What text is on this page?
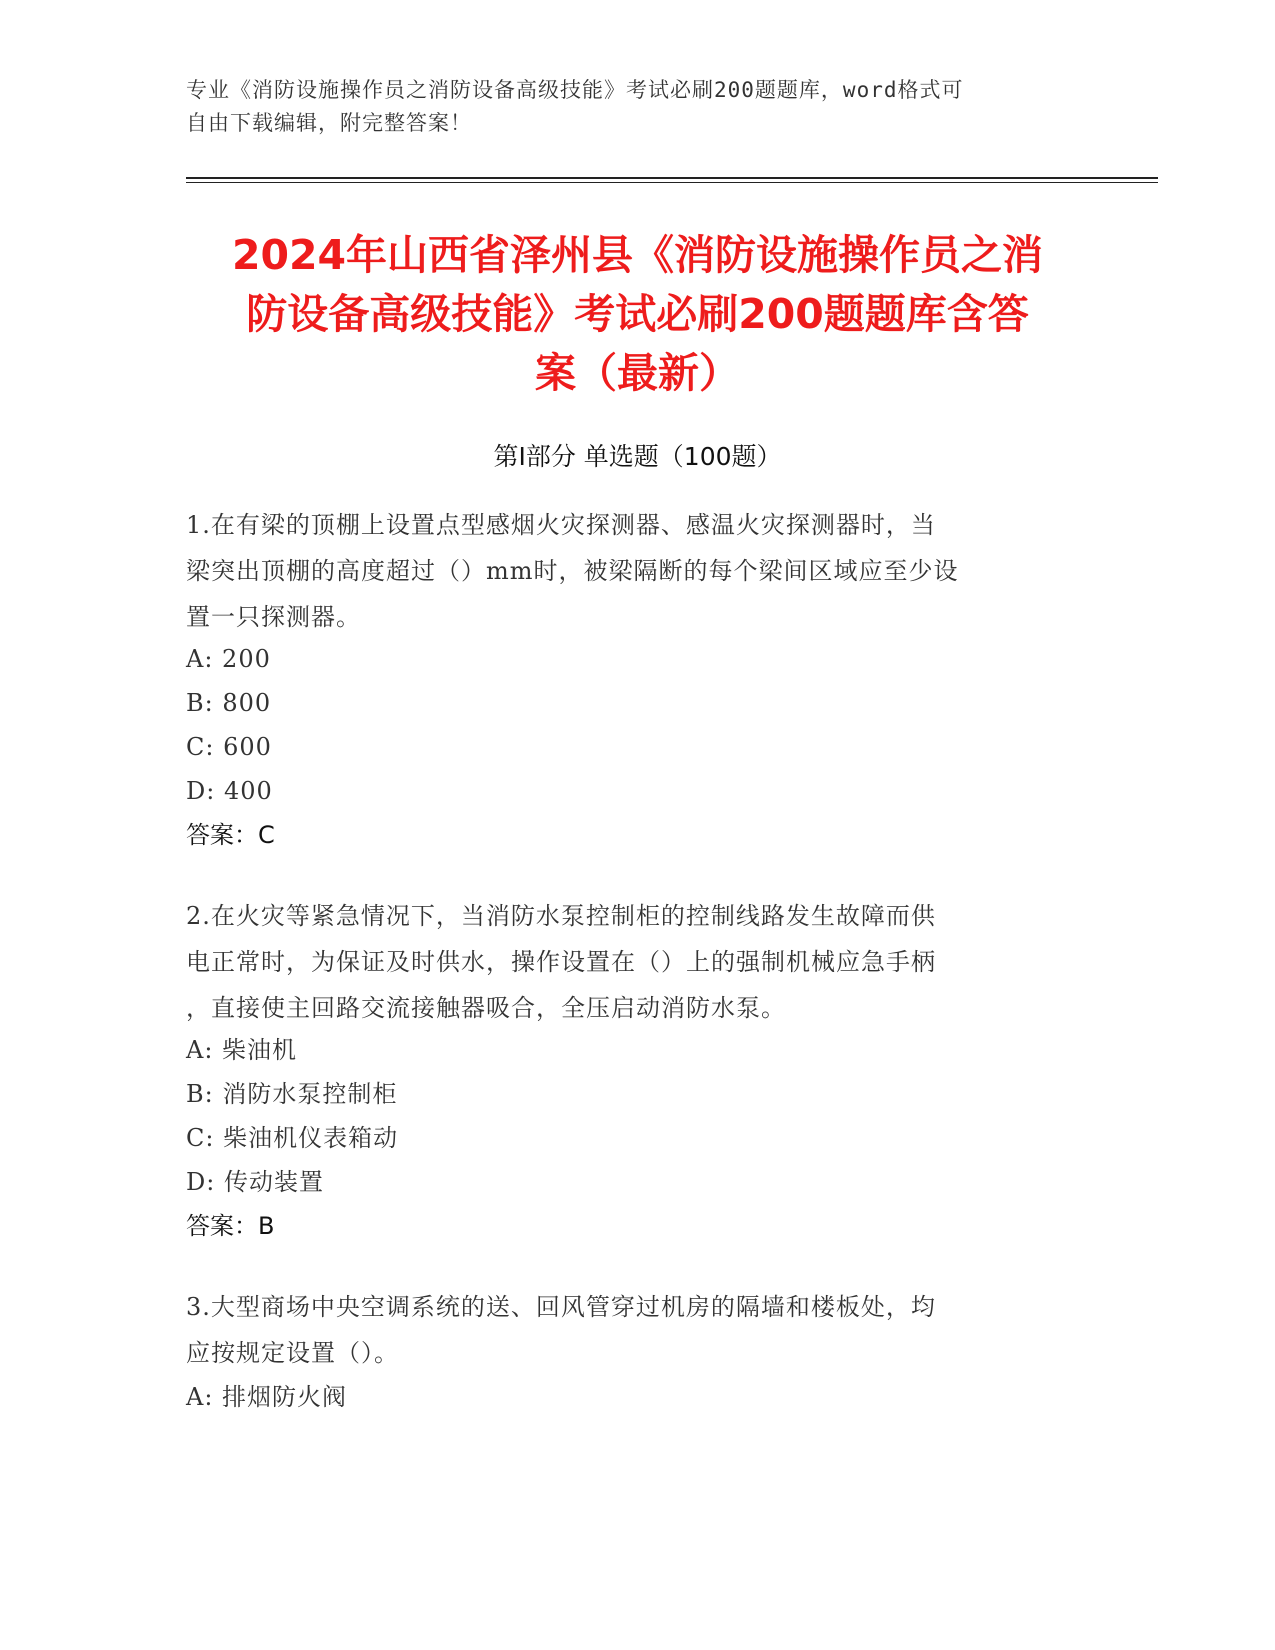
专业《消防设施操作员之消防设备高级技能》考试必刷200题题库，word格式可
自由下载编辑，附完整答案！
2024年山西省泽州县《消防设施操作员之消
防设备高级技能》考试必刷200题题库含答
案（最新）
第Ⅰ部分 单选题（100题）
1.在有梁的顶棚上设置点型感烟火灾探测器、感温火灾探测器时，当
梁突出顶棚的高度超过（）mm时，被梁隔断的每个梁间区域应至少设
置一只探测器。
A: 200
B: 800
C: 600
D: 400
答案：C
2.在火灾等紧急情况下，当消防水泵控制柜的控制线路发生故障而供
电正常时，为保证及时供水，操作设置在（）上的强制机械应急手柄
，直接使主回路交流接触器吸合，全压启动消防水泵。
A: 柴油机
B: 消防水泵控制柜
C: 柴油机仪表箱动
D: 传动装置
答案：B
3.大型商场中央空调系统的送、回风管穿过机房的隔墙和楼板处，均
应按规定设置（）。
A: 排烟防火阀
